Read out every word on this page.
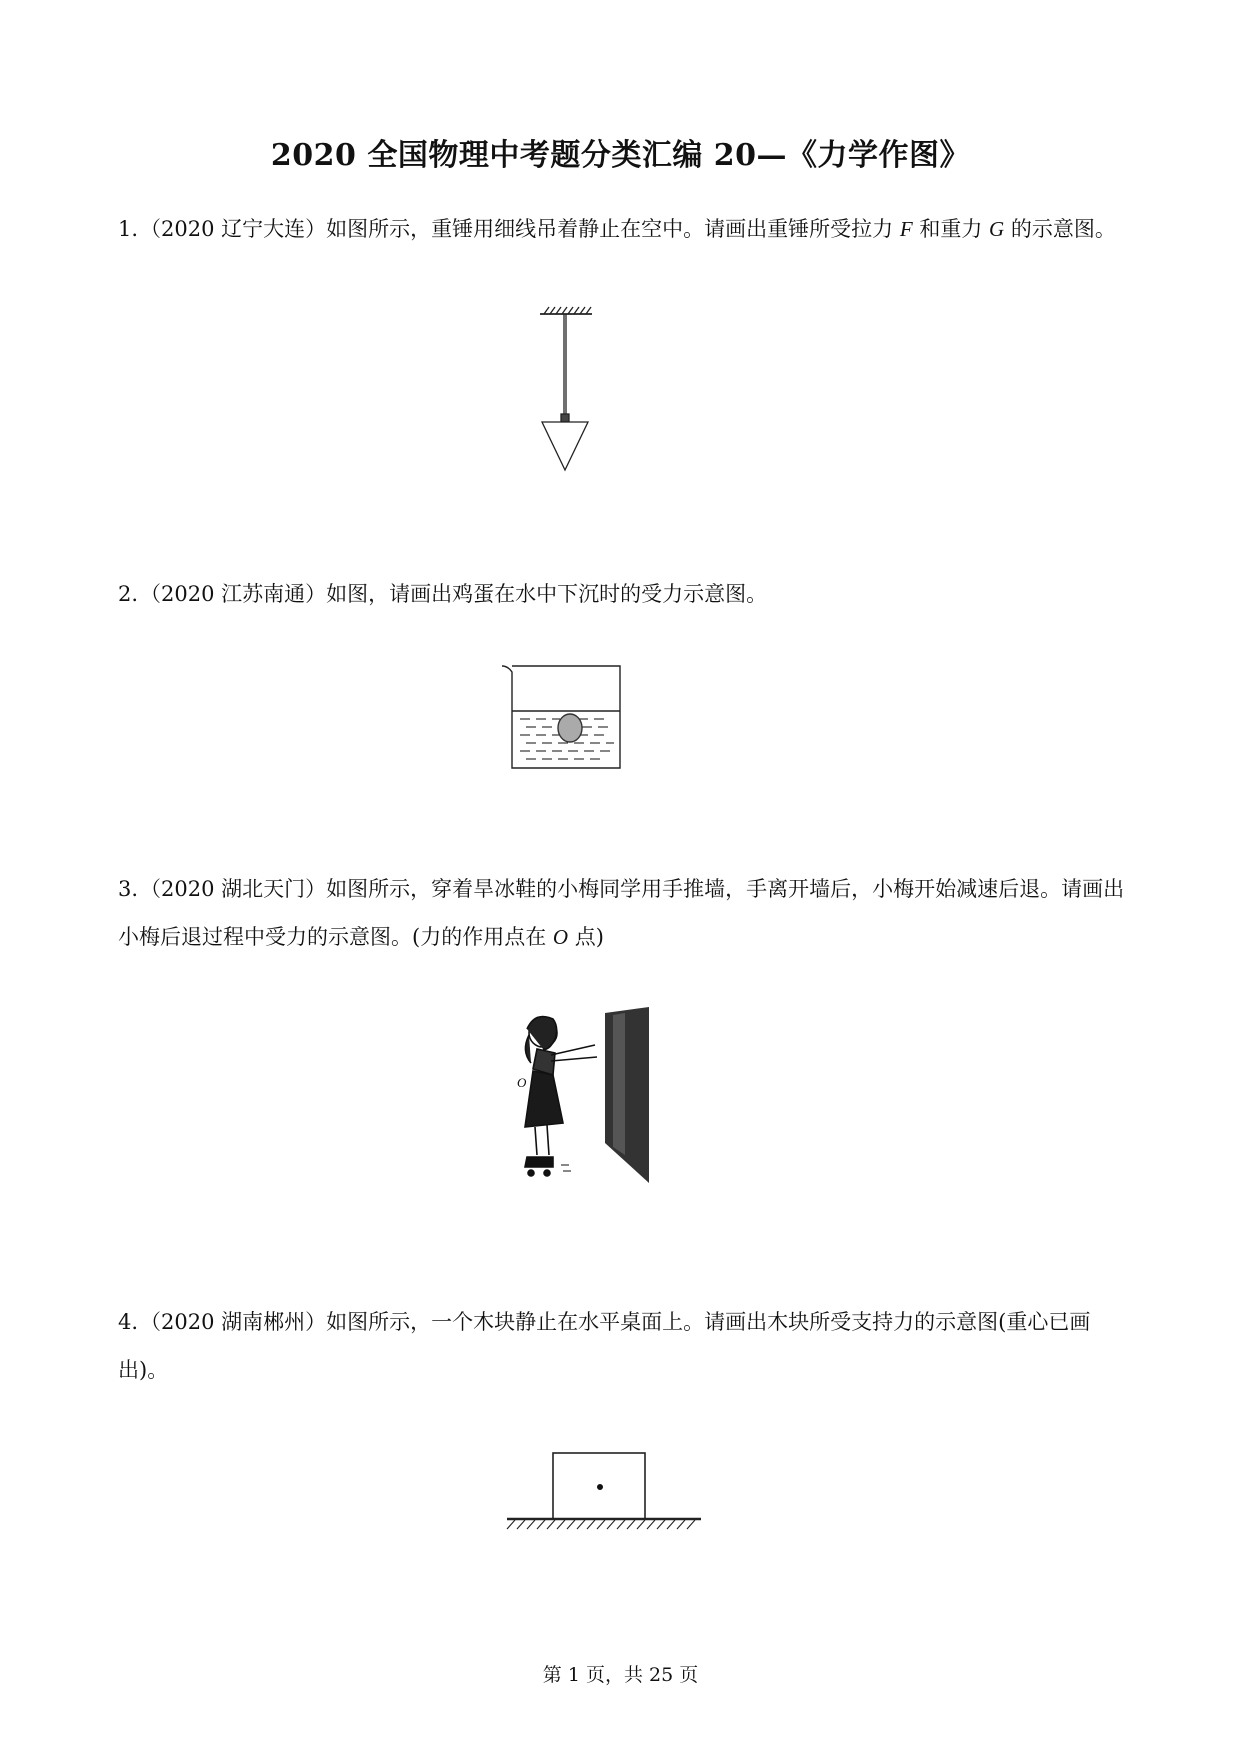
2020 全国物理中考题分类汇编 20—《力学作图》
1.（2020 辽宁大连）如图所示，重锤用细线吊着静止在空中。请画出重锤所受拉力 F 和重力 G 的示意图。
2.（2020 江苏南通）如图，请画出鸡蛋在水中下沉时的受力示意图。
3.（2020 湖北天门）如图所示，穿着旱冰鞋的小梅同学用手推墙，手离开墙后，小梅开始减速后退。请画出小梅后退过程中受力的示意图。(力的作用点在 O 点)
O
4.（2020 湖南郴州）如图所示，一个木块静止在水平桌面上。请画出木块所受支持力的示意图(重心已画出)。
第 1 页，共 25 页
